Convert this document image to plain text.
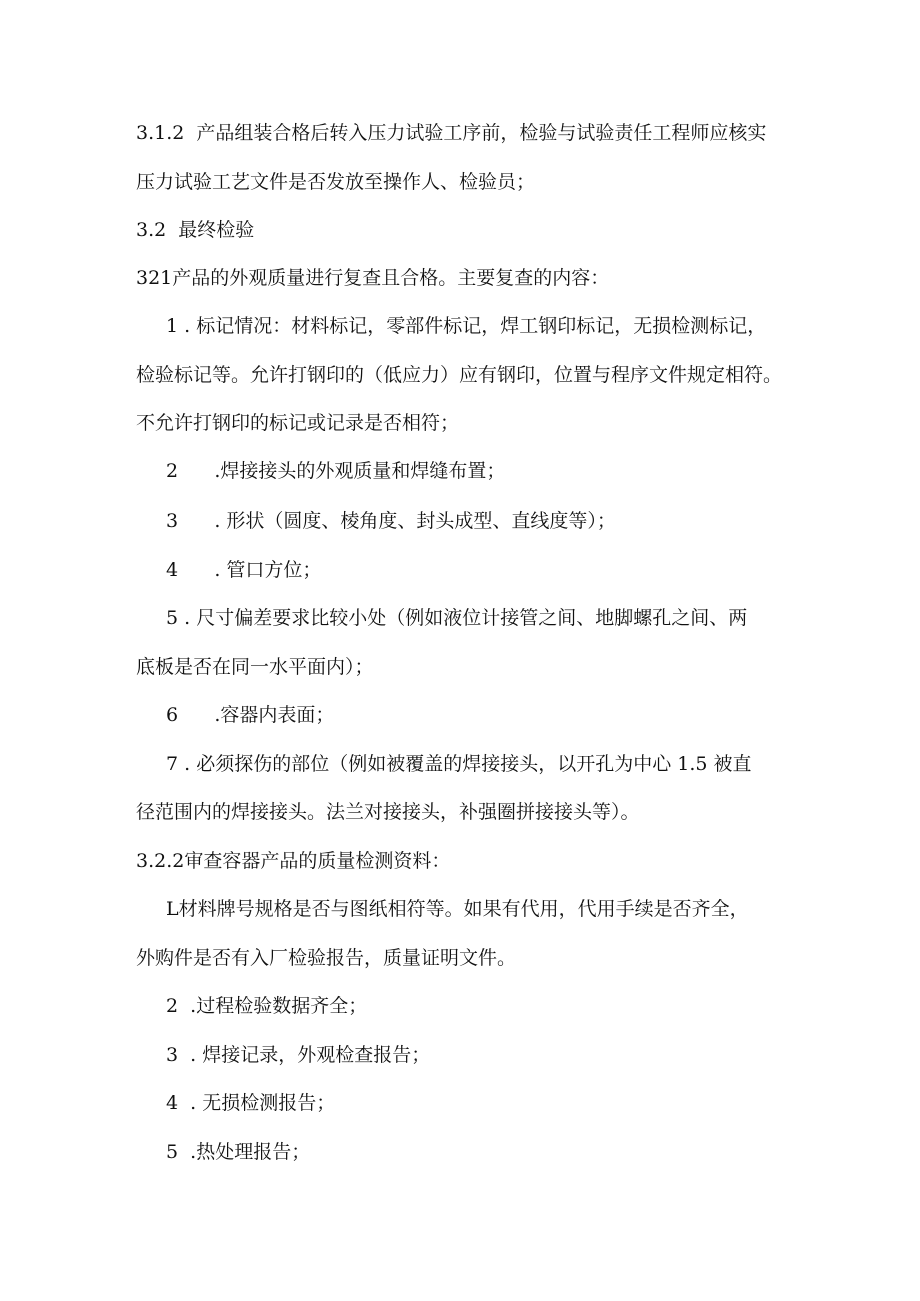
3.1.2  产品组装合格后转入压力试验工序前，检验与试验责任工程师应核实
压力试验工艺文件是否发放至操作人、检验员；
3.2  最终检验
321产品的外观质量进行复查且合格。主要复查的内容：
1 . 标记情况：材料标记，零部件标记，焊工钢印标记，无损检测标记，
检验标记等。允许打钢印的（低应力）应有钢印，位置与程序文件规定相符。
不允许打钢印的标记或记录是否相符；
2      .焊接接头的外观质量和焊缝布置；
3      . 形状（圆度、棱角度、封头成型、直线度等）；
4      . 管口方位；
5 . 尺寸偏差要求比较小处（例如液位计接管之间、地脚螺孔之间、两
底板是否在同一水平面内）；
6      .容器内表面；
7 . 必须探伤的部位（例如被覆盖的焊接接头，以开孔为中心 1.5 被直
径范围内的焊接接头。法兰对接接头，补强圈拼接接头等）。
3.2.2审查容器产品的质量检测资料：
L材料牌号规格是否与图纸相符等。如果有代用，代用手续是否齐全，
外购件是否有入厂检验报告，质量证明文件。
2  .过程检验数据齐全；
3  . 焊接记录，外观检查报告；
4  . 无损检测报告；
5  .热处理报告；
